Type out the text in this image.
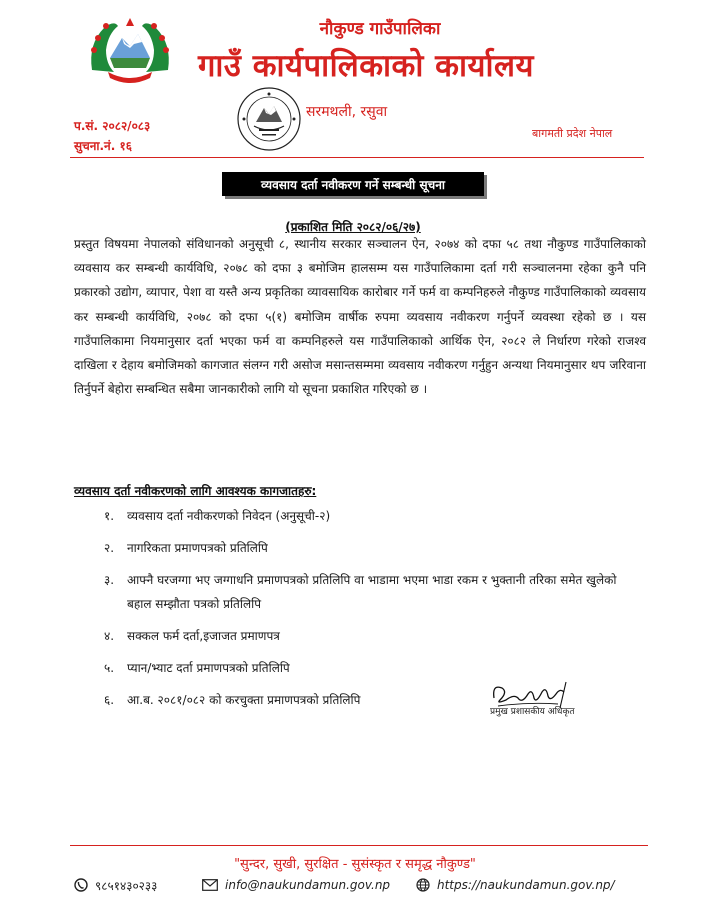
नौकुण्ड गाउँपालिका
गाउँ कार्यपालिकाको कार्यालय
सरमथली, रसुवा
प.सं. २०८२/०८३
सुचना.नं. १६
बागमती प्रदेश नेपाल
व्यवसाय दर्ता नवीकरण गर्ने सम्बन्धी सूचना
(प्रकाशित मिति २०८२/०६/२७)
प्रस्तुत विषयमा नेपालको संविधानको अनुसूची ८, स्थानीय सरकार सञ्चालन ऐन, २०७४ को दफा ५८ तथा नौकुण्ड गाउँपालिकाको व्यवसाय कर सम्बन्धी कार्यविधि, २०७८ को दफा ३ बमोजिम हालसम्म यस गाउँपालिकामा दर्ता गरी सञ्चालनमा रहेका कुनै पनि प्रकारको उद्योग, व्यापार, पेशा वा यस्तै अन्य प्रकृतिका व्यावसायिक कारोबार गर्ने फर्म वा कम्पनिहरुले नौकुण्ड गाउँपालिकाको व्यवसाय कर सम्बन्धी कार्यविधि, २०७८ को दफा ५(१) बमोजिम वार्षीक रुपमा व्यवसाय नवीकरण गर्नुपर्ने व्यवस्था रहेको छ । यस गाउँपालिकामा नियमानुसार दर्ता भएका फर्म वा कम्पनिहरुले यस गाउँपालिकाको आर्थिक ऐन, २०८२ ले निर्धारण गरेको राजश्व दाखिला र देहाय बमोजिमको कागजात संलग्न गरी असोज मसान्तसम्ममा व्यवसाय नवीकरण गर्नुहुन अन्यथा नियमानुसार थप जरिवाना तिर्नुपर्ने बेहोरा सम्बन्धित सबैमा जानकारीको लागि यो सूचना प्रकाशित गरिएको छ ।
व्यवसाय दर्ता नवीकरणको लागि आवश्यक कागजातहरु:
१.	व्यवसाय दर्ता नवीकरणको निवेदन (अनुसूची-२)
२.	नागरिकता प्रमाणपत्रको प्रतिलिपि
३.	आफ्नै घरजग्गा भए जग्गाधनि प्रमाणपत्रको प्रतिलिपि वा भाडामा भएमा भाडा रकम र भुक्तानी तरिका समेत खुलेको बहाल सम्झौता पत्रको प्रतिलिपि
४.	सक्कल फर्म दर्ता,इजाजत प्रमाणपत्र
५.	प्यान/भ्याट दर्ता प्रमाणपत्रको प्रतिलिपि
६.	आ.ब. २०८१/०८२ को करचुक्ता प्रमाणपत्रको प्रतिलिपि
प्रमुख प्रशासकीय अधिकृत
"सुन्दर, सुखी, सुरक्षित - सुसंस्कृत र समृद्ध नौकुण्ड"
९८५१४३०२३३	info@naukundamun.gov.np	https://naukundamun.gov.np/
